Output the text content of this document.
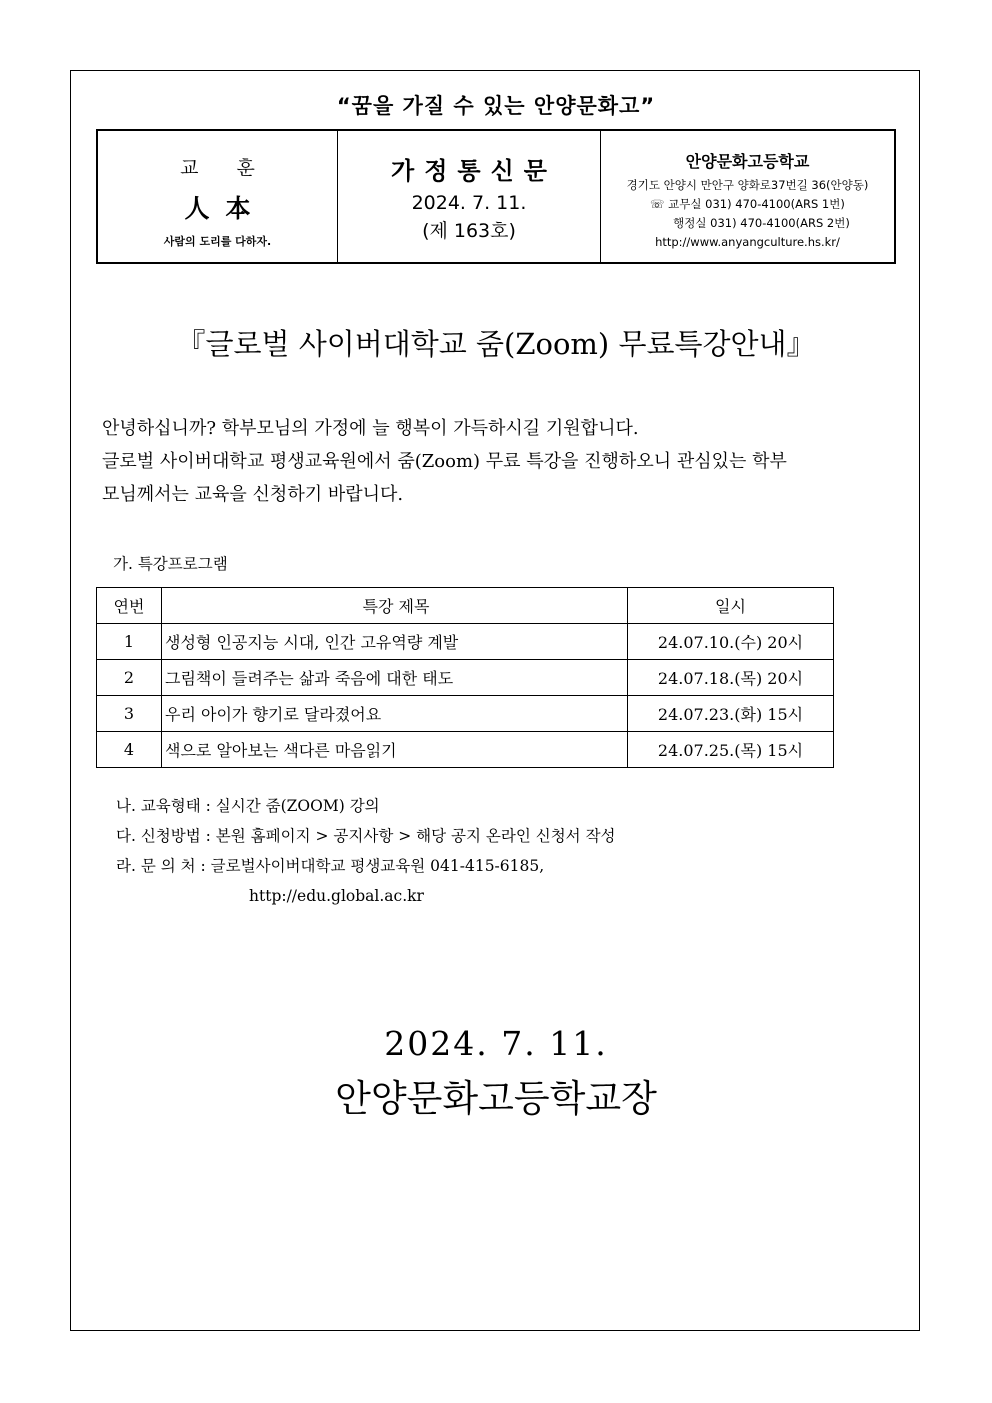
“꿈을 가질 수 있는 안양문화고”
교 훈
人本
사람의 도리를 다하자.
가정통신문
2024. 7. 11.
(제 163호)
안양문화고등학교
경기도 안양시 만안구 양화로37번길 36(안양동)
☏ 교무실 031) 470-4100(ARS 1번)
행정실 031) 470-4100(ARS 2번)
http://www.anyangculture.hs.kr/
『글로벌 사이버대학교 줌(Zoom) 무료특강안내』

안녕하십니까? 학부모님의 가정에 늘 행복이 가득하시길 기원합니다.

글로벌 사이버대학교 평생교육원에서 줌(Zoom) 무료 특강을 진행하오니 관심있는 학부

모님께서는 교육을 신청하기 바랍니다.

가. 특강프로그램
연번	특강 제목	일시
1	생성형 인공지능 시대, 인간 고유역량 계발	24.07.10.(수) 20시
2	그림책이 들려주는 삶과 죽음에 대한 태도	24.07.18.(목) 20시
3	우리 아이가 향기로 달라졌어요	24.07.23.(화) 15시
4	색으로 알아보는 색다른 마음읽기	24.07.25.(목) 15시
나. 교육형태 : 실시간 줌(ZOOM) 강의
다. 신청방법 : 본원 홈페이지 > 공지사항 > 해당 공지 온라인 신청서 작성
라. 문 의 처 : 글로벌사이버대학교 평생교육원 041-415-6185,
http://edu.global.ac.kr
2024. 7. 11.
안양문화고등학교장
